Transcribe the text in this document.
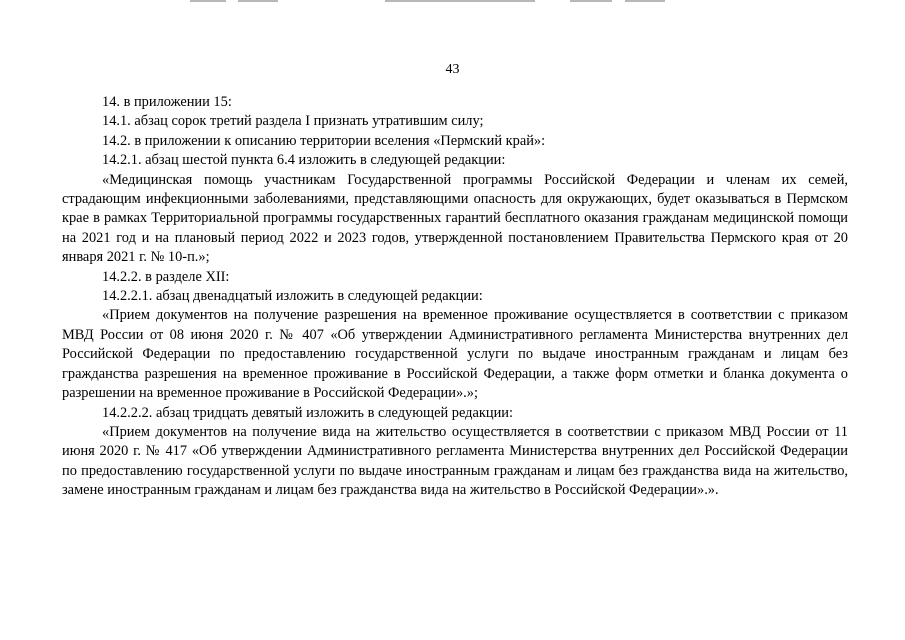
43

14. в приложении 15:

14.1. абзац сорок третий раздела I признать утратившим силу;

14.2. в приложении к описанию территории вселения «Пермский край»:

14.2.1. абзац шестой пункта 6.4 изложить в следующей редакции:

«Медицинская помощь участникам Государственной программы Российской Федерации и членам их семей, страдающим инфекционными заболеваниями, представляющими опасность для окружающих, будет оказываться в Пермском крае в рамках Территориальной программы государственных гарантий бесплатного оказания гражданам медицинской помощи на 2021 год и на плановый период 2022 и 2023 годов, утвержденной постановлением Правительства Пермского края от 20 января 2021 г. № 10-п.»;

14.2.2. в разделе XII:

14.2.2.1. абзац двенадцатый изложить в следующей редакции:

«Прием документов на получение разрешения на временное проживание осуществляется в соответствии с приказом МВД России от 08 июня 2020 г. № 407 «Об утверждении Административного регламента Министерства внутренних дел Российской Федерации по предоставлению государственной услуги по выдаче иностранным гражданам и лицам без гражданства разрешения на временное проживание в Российской Федерации, а также форм отметки и бланка документа о разрешении на временное проживание в Российской Федерации».»;

14.2.2.2. абзац тридцать девятый изложить в следующей редакции:

«Прием документов на получение вида на жительство осуществляется в соответствии с приказом МВД России от 11 июня 2020 г. № 417 «Об утверждении Административного регламента Министерства внутренних дел Российской Федерации по предоставлению государственной услуги по выдаче иностранным гражданам и лицам без гражданства вида на жительство, замене иностранным гражданам и лицам без гражданства вида на жительство в Российской Федерации».».
